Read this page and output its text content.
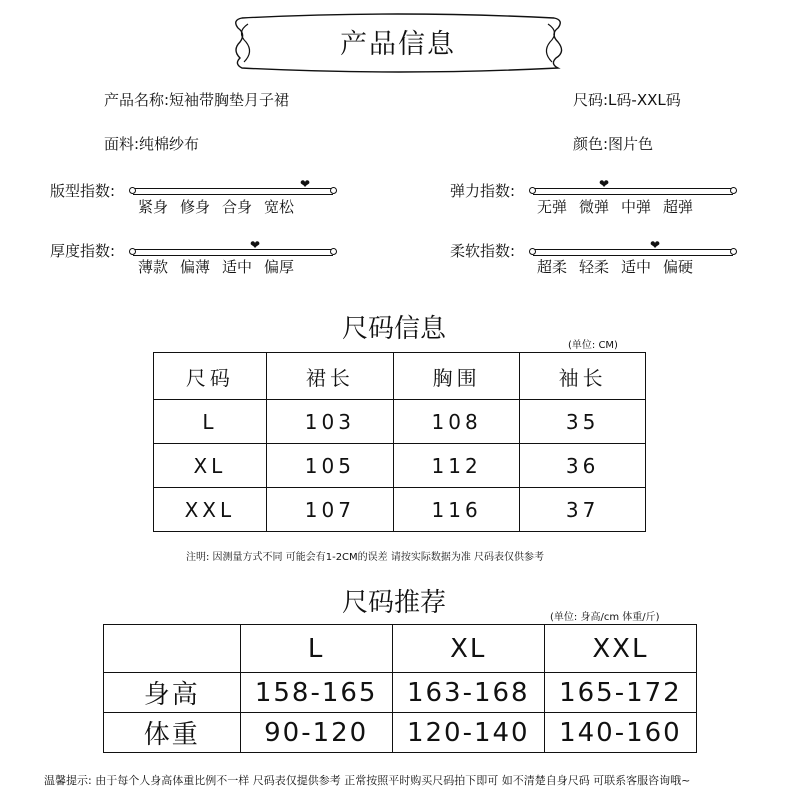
产品信息
产品名称:短袖带胸垫月子裙	尺码:L码-XXL码
面料:纯棉纱布	颜色:图片色
版型指数:	❤
紧身 修身 合身 宽松
弹力指数:	❤
无弹 微弹 中弹 超弹
厚度指数:	❤
薄款 偏薄 适中 偏厚
柔软指数:	❤
超柔 轻柔 适中 偏硬
尺码信息
(单位: CM)
尺码	裙长	胸围	袖长
L	103	108	35
XL	105	112	36
XXL	107	116	37
注明: 因测量方式不同 可能会有1-2CM的误差 请按实际数据为准 尺码表仅供参考
尺码推荐	(单位: 身高/cm 体重/斤)
	L	XL	XXL
身高	158-165	163-168	165-172
体重	90-120	120-140	140-160
温馨提示: 由于每个人身高体重比例不一样 尺码表仅提供参考 正常按照平时购买尺码拍下即可 如不清楚自身尺码 可联系客服咨询哦~
